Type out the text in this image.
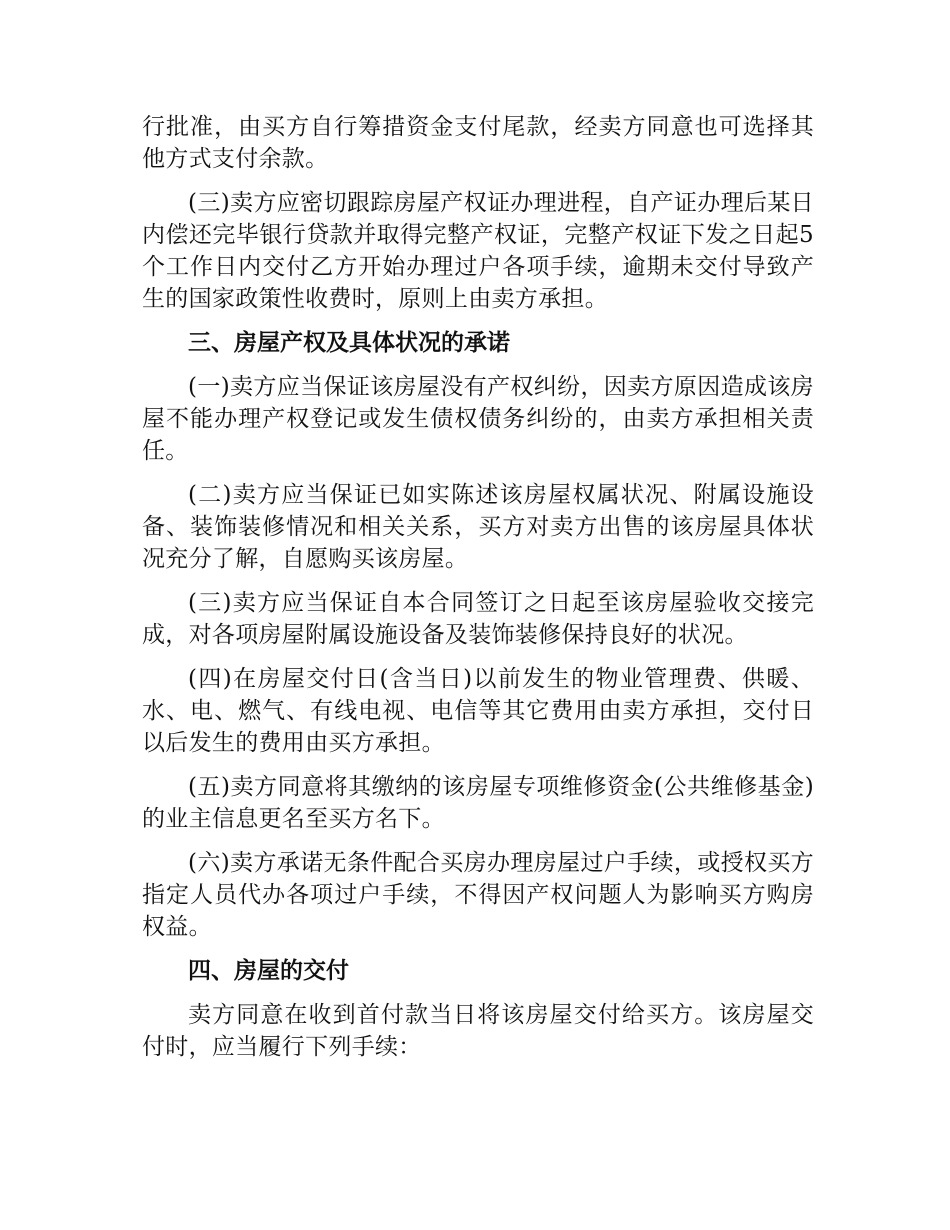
行批准，由买方自行筹措资金支付尾款，经卖方同意也可选择其他方式支付余款。

(三)卖方应密切跟踪房屋产权证办理进程，自产证办理后某日内偿还完毕银行贷款并取得完整产权证，完整产权证下发之日起5个工作日内交付乙方开始办理过户各项手续，逾期未交付导致产生的国家政策性收费时，原则上由卖方承担。

三、房屋产权及具体状况的承诺

(一)卖方应当保证该房屋没有产权纠纷，因卖方原因造成该房屋不能办理产权登记或发生债权债务纠纷的，由卖方承担相关责任。

(二)卖方应当保证已如实陈述该房屋权属状况、附属设施设备、装饰装修情况和相关关系，买方对卖方出售的该房屋具体状况充分了解，自愿购买该房屋。

(三)卖方应当保证自本合同签订之日起至该房屋验收交接完成，对各项房屋附属设施设备及装饰装修保持良好的状况。

(四)在房屋交付日(含当日)以前发生的物业管理费、供暖、水、电、燃气、有线电视、电信等其它费用由卖方承担，交付日以后发生的费用由买方承担。

(五)卖方同意将其缴纳的该房屋专项维修资金(公共维修基金)的业主信息更名至买方名下。

(六)卖方承诺无条件配合买房办理房屋过户手续，或授权买方指定人员代办各项过户手续，不得因产权问题人为影响买方购房权益。

四、房屋的交付

卖方同意在收到首付款当日将该房屋交付给买方。该房屋交付时，应当履行下列手续：
